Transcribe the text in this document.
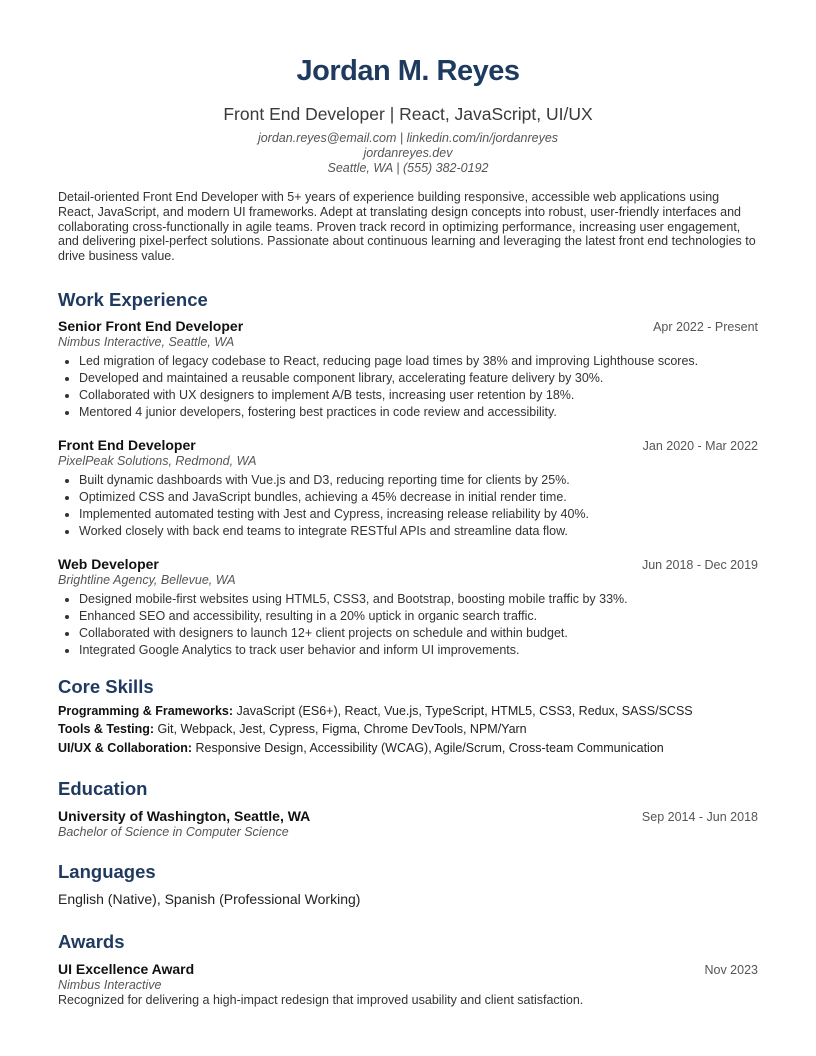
Jordan M. Reyes
Front End Developer | React, JavaScript, UI/UX
jordan.reyes@email.com | linkedin.com/in/jordanreyes
jordanreyes.dev
Seattle, WA | (555) 382-0192

Detail-oriented Front End Developer with 5+ years of experience building responsive, accessible web applications using React, JavaScript, and modern UI frameworks. Adept at translating design concepts into robust, user-friendly interfaces and collaborating cross-functionally in agile teams. Proven track record in optimizing performance, increasing user engagement, and delivering pixel-perfect solutions. Passionate about continuous learning and leveraging the latest front end technologies to drive business value.

Work Experience
Senior Front End Developer	Apr 2022 - Present
Nimbus Interactive, Seattle, WA
• Led migration of legacy codebase to React, reducing page load times by 38% and improving Lighthouse scores.
• Developed and maintained a reusable component library, accelerating feature delivery by 30%.
• Collaborated with UX designers to implement A/B tests, increasing user retention by 18%.
• Mentored 4 junior developers, fostering best practices in code review and accessibility.
Front End Developer	Jan 2020 - Mar 2022
PixelPeak Solutions, Redmond, WA
• Built dynamic dashboards with Vue.js and D3, reducing reporting time for clients by 25%.
• Optimized CSS and JavaScript bundles, achieving a 45% decrease in initial render time.
• Implemented automated testing with Jest and Cypress, increasing release reliability by 40%.
• Worked closely with back end teams to integrate RESTful APIs and streamline data flow.
Web Developer	Jun 2018 - Dec 2019
Brightline Agency, Bellevue, WA
• Designed mobile-first websites using HTML5, CSS3, and Bootstrap, boosting mobile traffic by 33%.
• Enhanced SEO and accessibility, resulting in a 20% uptick in organic search traffic.
• Collaborated with designers to launch 12+ client projects on schedule and within budget.
• Integrated Google Analytics to track user behavior and inform UI improvements.
Core Skills
Programming & Frameworks: JavaScript (ES6+), React, Vue.js, TypeScript, HTML5, CSS3, Redux, SASS/SCSS
Tools & Testing: Git, Webpack, Jest, Cypress, Figma, Chrome DevTools, NPM/Yarn
UI/UX & Collaboration: Responsive Design, Accessibility (WCAG), Agile/Scrum, Cross-team Communication
Education
University of Washington, Seattle, WA	Sep 2014 - Jun 2018
Bachelor of Science in Computer Science
Languages
English (Native), Spanish (Professional Working)
Awards
UI Excellence Award	Nov 2023
Nimbus Interactive
Recognized for delivering a high-impact redesign that improved usability and client satisfaction.
